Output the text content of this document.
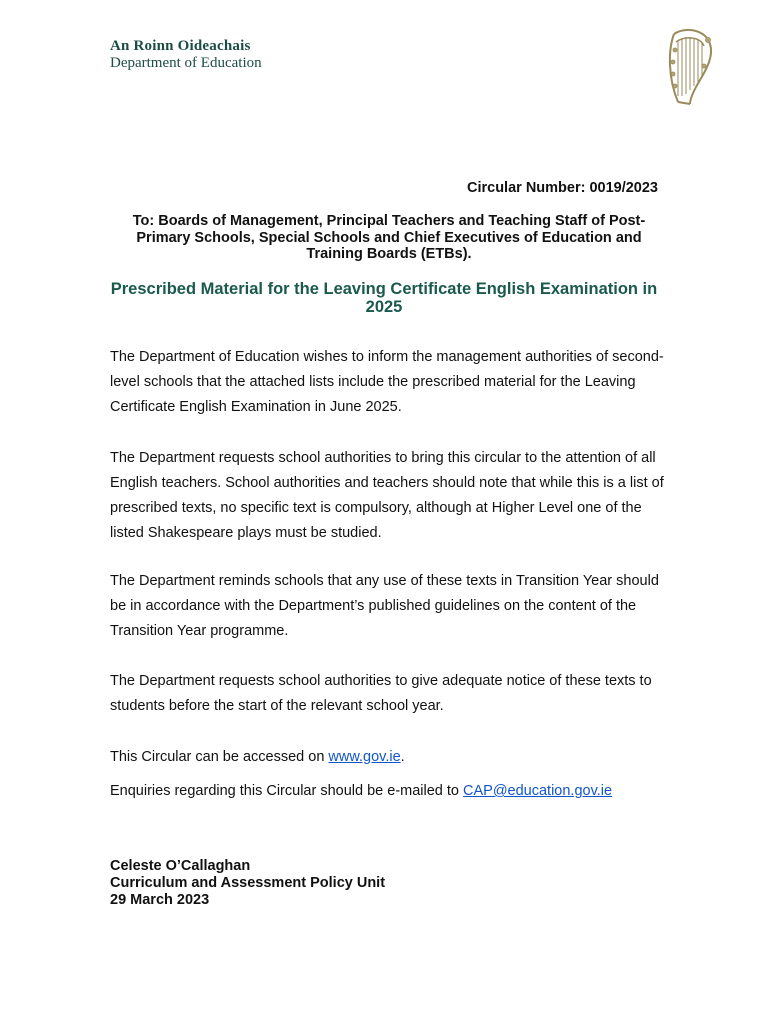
An Roinn Oideachais
Department of Education
Circular Number: 0019/2023
To: Boards of Management, Principal Teachers and Teaching Staff of Post-Primary Schools, Special Schools and Chief Executives of Education and Training Boards (ETBs).
Prescribed Material for the Leaving Certificate English Examination in 2025

The Department of Education wishes to inform the management authorities of second-level schools that the attached lists include the prescribed material for the Leaving Certificate English Examination in June 2025.

The Department requests school authorities to bring this circular to the attention of all English teachers. School authorities and teachers should note that while this is a list of prescribed texts, no specific text is compulsory, although at Higher Level one of the listed Shakespeare plays must be studied.

The Department reminds schools that any use of these texts in Transition Year should be in accordance with the Department’s published guidelines on the content of the Transition Year programme.

The Department requests school authorities to give adequate notice of these texts to students before the start of the relevant school year.

This Circular can be accessed on www.gov.ie.

Enquiries regarding this Circular should be e-mailed to CAP@education.gov.ie

Celeste O’Callaghan
Curriculum and Assessment Policy Unit
29 March 2023
